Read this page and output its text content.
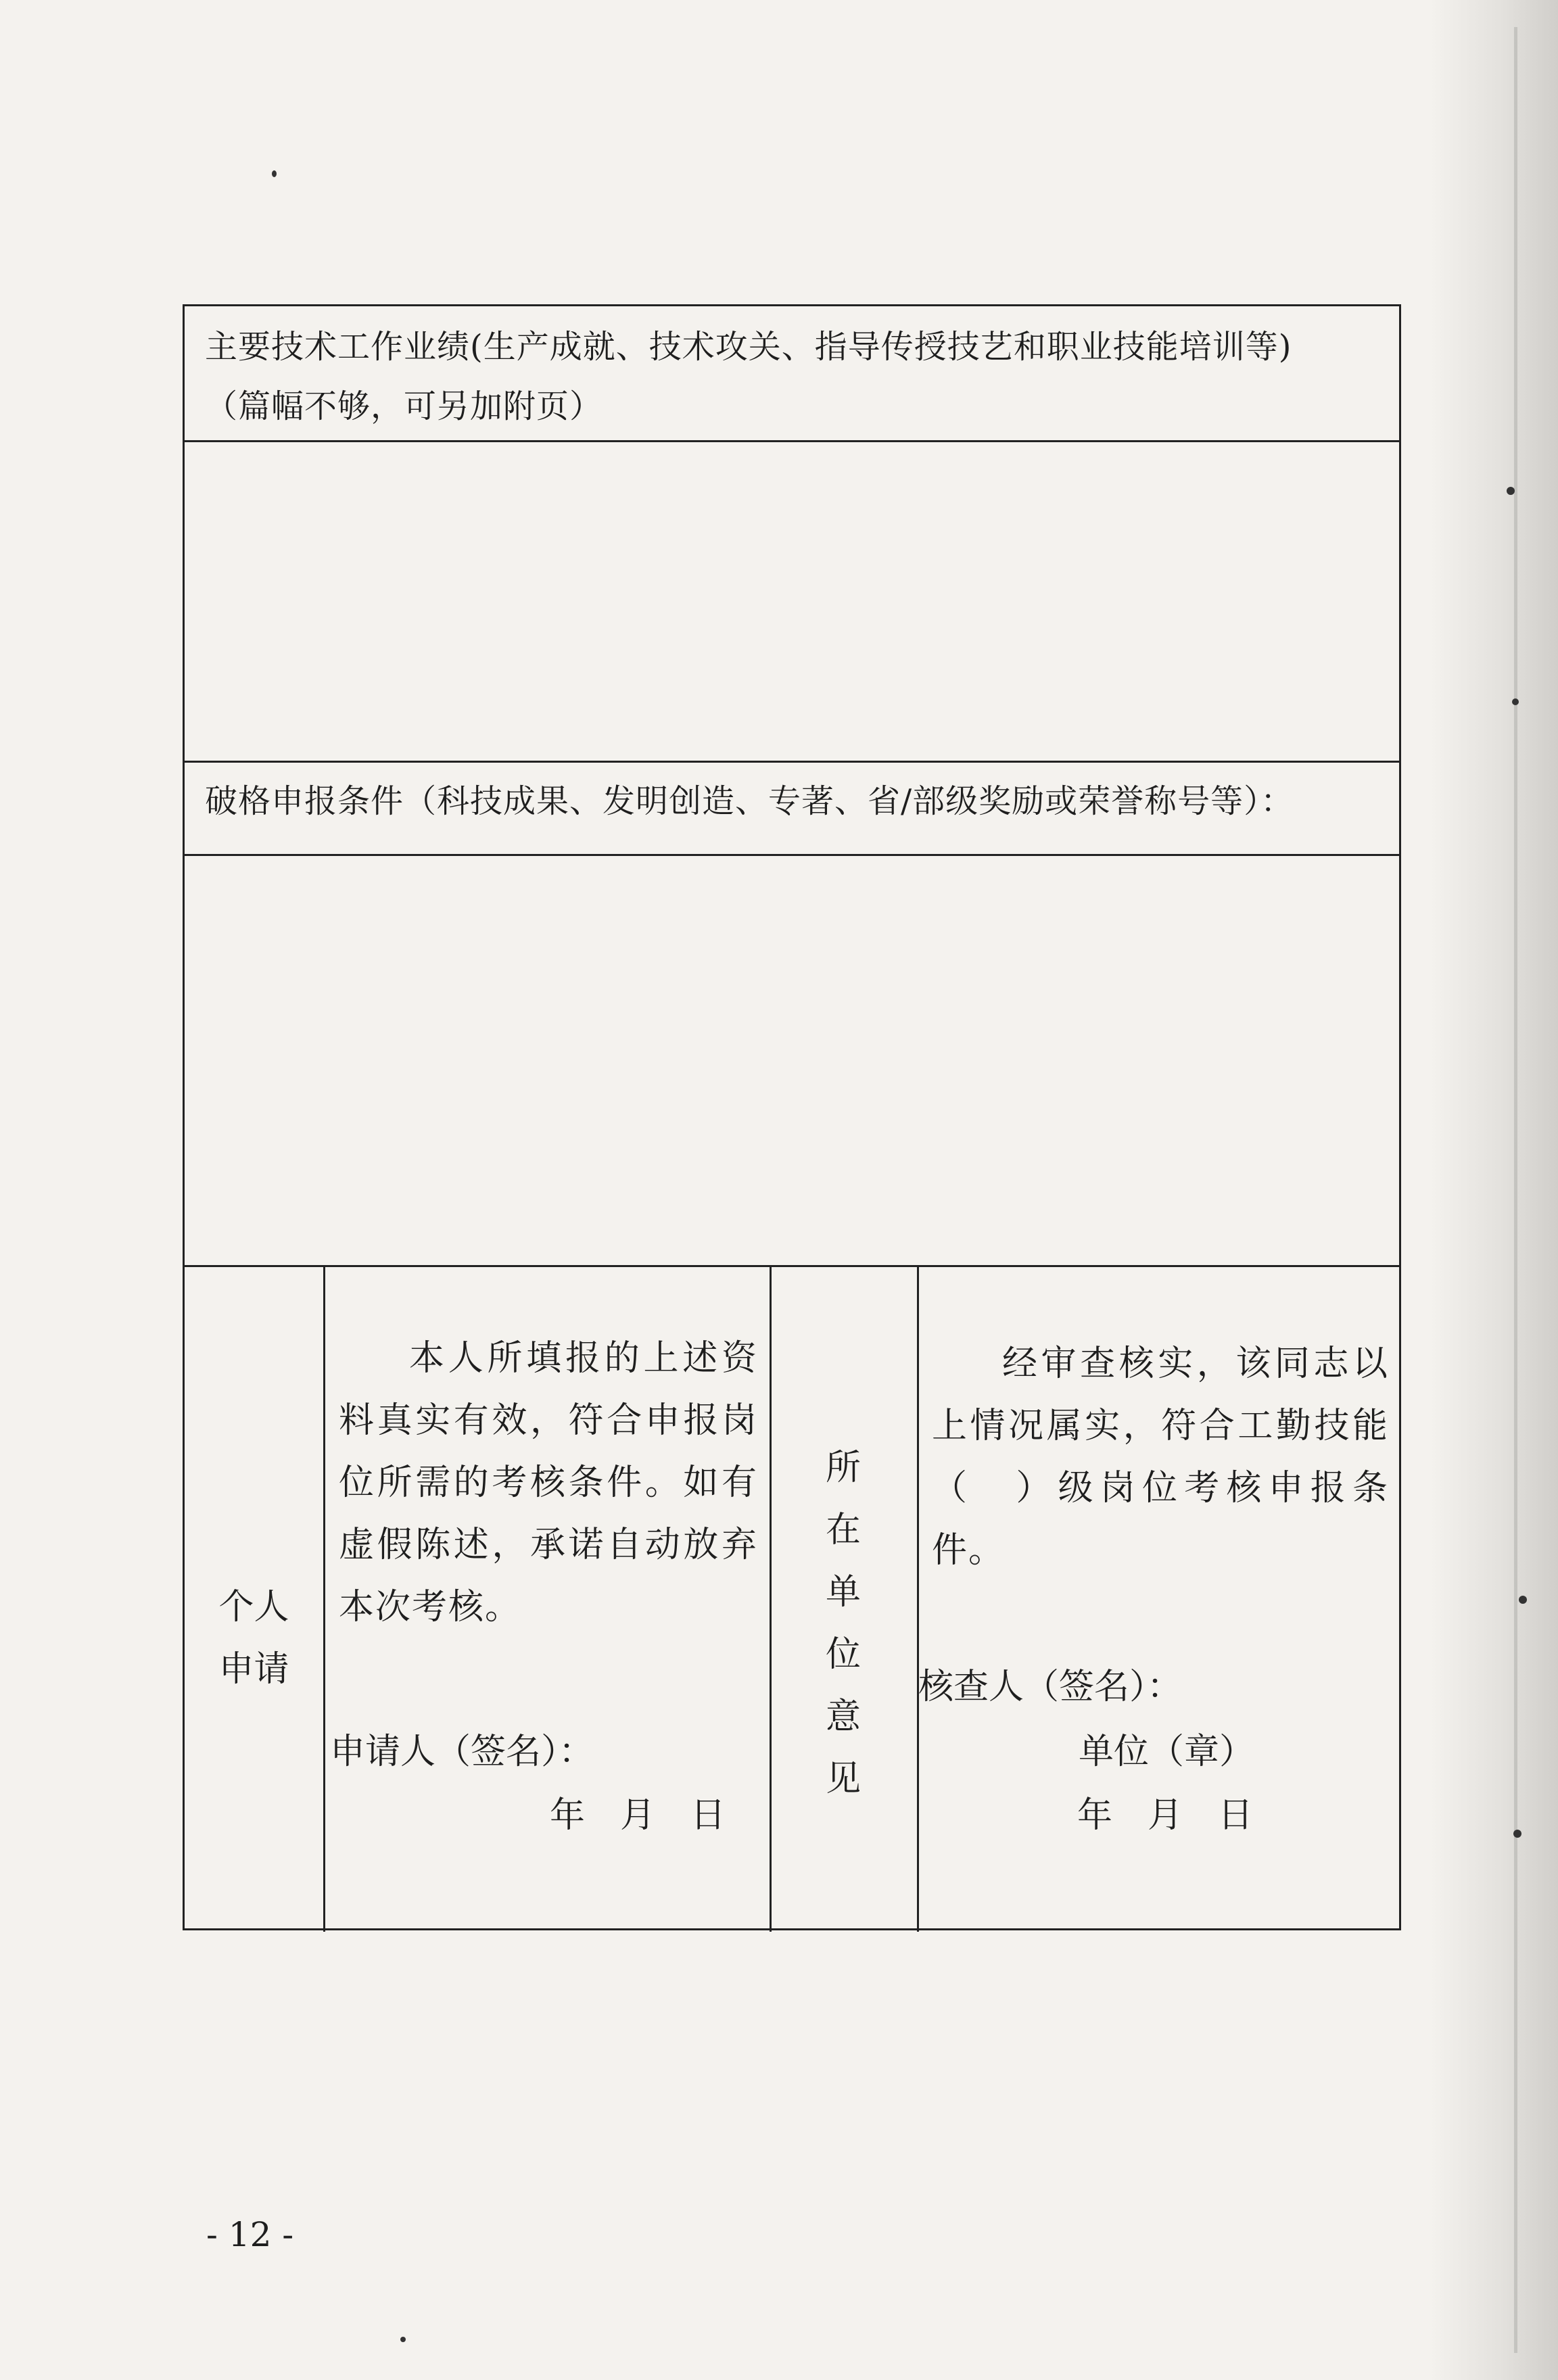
主要技术工作业绩(生产成就、技术攻关、指导传授技艺和职业技能培训等)
（篇幅不够，可另加附页）
破格申报条件（科技成果、发明创造、专著、省/部级奖励或荣誉称号等）：
个人
申请
本人所填报的上述资料真实有效，符合申报岗位所需的考核条件。如有虚假陈述，承诺自动放弃本次考核。
申请人（签名）：
年　月　日
所
在
单
位
意
见
经审查核实，该同志以上情况属实，符合工勤技能（　）级岗位考核申报条件。
核查人（签名）：
单位（章）
年　月　日
- 12 -
